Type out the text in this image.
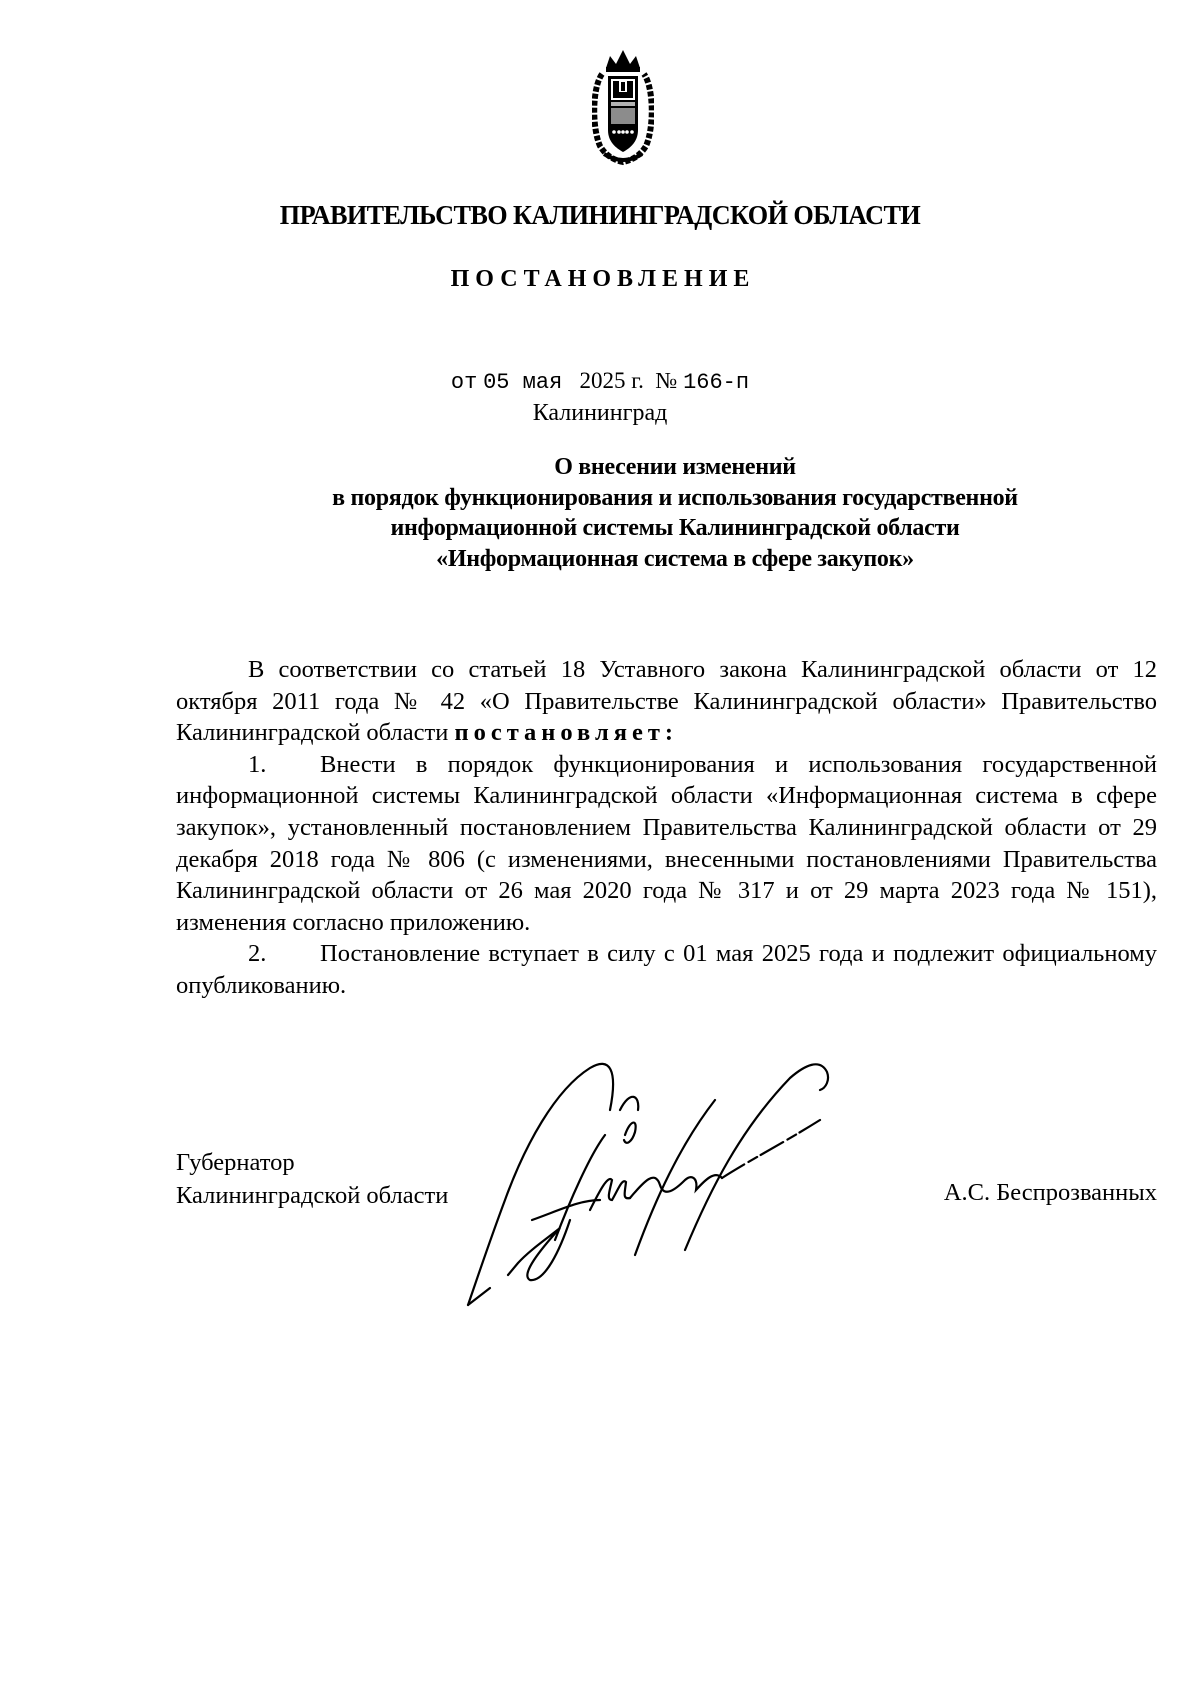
ПРАВИТЕЛЬСТВО КАЛИНИНГРАДСКОЙ ОБЛАСТИ
ПОСТАНОВЛЕНИЕ
от 05 мая 2025 г. № 166-п
Калининград
О внесении изменений
в порядок функционирования и использования государственной
информационной системы Калининградской области
«Информационная система в сфере закупок»

В соответствии со статьей 18 Уставного закона Калининградской области от 12 октября 2011 года № 42 «О Правительстве Калининградской области» Правительство Калининградской области постановляет:

1. Внести в порядок функционирования и использования государственной информационной системы Калининградской области «Информационная система в сфере закупок», установленный постановлением Правительства Калининградской области от 29 декабря 2018 года № 806 (с изменениями, внесенными постановлениями Правительства Калининградской области от 26 мая 2020 года № 317 и от 29 марта 2023 года № 151), изменения согласно приложению.

2. Постановление вступает в силу с 01 мая 2025 года и подлежит официальному опубликованию.

Губернатор
Калининградской области	А.С. Беспрозванных
